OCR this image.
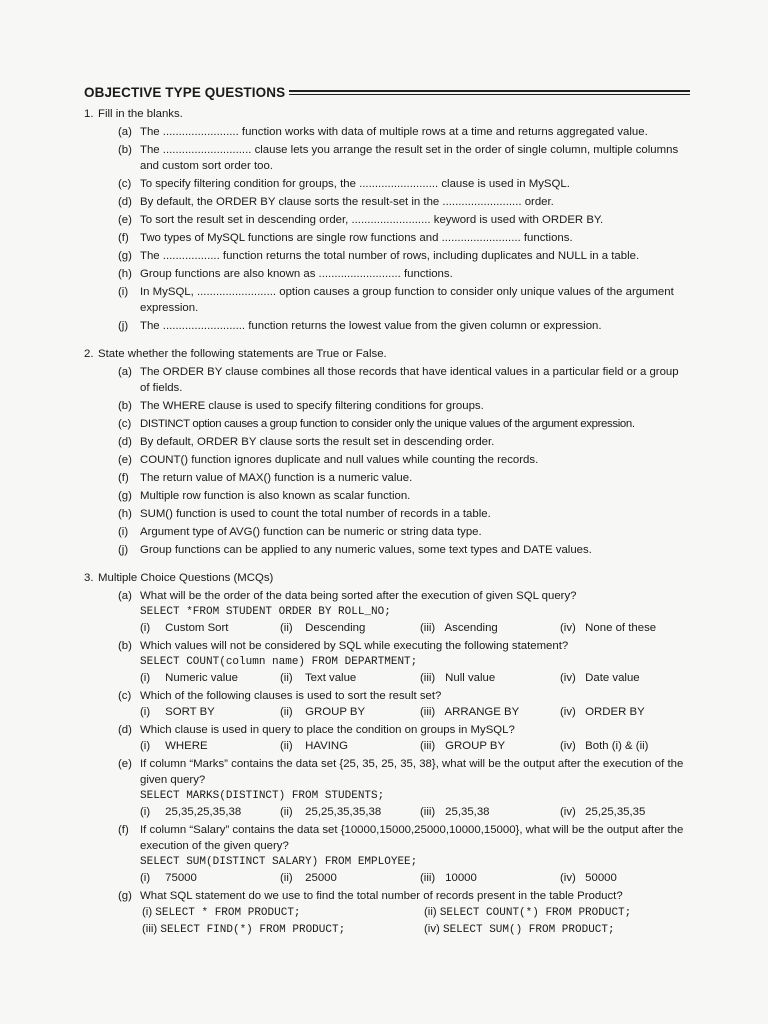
OBJECTIVE TYPE QUESTIONS
1. Fill in the blanks.
(a) The ........................ function works with data of multiple rows at a time and returns aggregated value.
(b) The ............................ clause lets you arrange the result set in the order of single column, multiple columns and custom sort order too.
(c) To specify filtering condition for groups, the ......................... clause is used in MySQL.
(d) By default, the ORDER BY clause sorts the result-set in the ......................... order.
(e) To sort the result set in descending order, ......................... keyword is used with ORDER BY.
(f) Two types of MySQL functions are single row functions and ......................... functions.
(g) The .................. function returns the total number of rows, including duplicates and NULL in a table.
(h) Group functions are also known as .......................... functions.
(i)	In MySQL, ......................... option causes a group function to consider only unique values of the argument expression.
(j)	The .......................... function returns the lowest value from the given column or expression.
2. State whether the following statements are True or False.
(a) The ORDER BY clause combines all those records that have identical values in a particular field or a group of fields.
(b) The WHERE clause is used to specify filtering conditions for groups.
(c) DISTINCT option causes a group function to consider only the unique values of the argument expression.
(d) By default, ORDER BY clause sorts the result set in descending order.
(e) COUNT() function ignores duplicate and null values while counting the records.
(f) The return value of MAX() function is a numeric value.
(g) Multiple row function is also known as scalar function.
(h) SUM() function is used to count the total number of records in a table.
(i)	Argument type of AVG() function can be numeric or string data type.
(j)	Group functions can be applied to any numeric values, some text types and DATE values.
3. Multiple Choice Questions (MCQs)
(a) What will be the order of the data being sorted after the execution of given SQL query?
SELECT *FROM STUDENT ORDER BY ROLL_NO;
(i) Custom Sort	(ii) Descending	(iii) Ascending	(iv) None of these
(b) Which values will not be considered by SQL while executing the following statement?
SELECT COUNT(column name) FROM DEPARTMENT;
(i) Numeric value	(ii) Text value	(iii) Null value	(iv) Date value
(c) Which of the following clauses is used to sort the result set?
(i) SORT BY	(ii) GROUP BY	(iii) ARRANGE BY	(iv) ORDER BY
(d) Which clause is used in query to place the condition on groups in MySQL?
(i) WHERE	(ii) HAVING	(iii) GROUP BY	(iv) Both (i) & (ii)
(e) If column “Marks” contains the data set {25, 35, 25, 35, 38}, what will be the output after the execution of the given query?
SELECT MARKS(DISTINCT) FROM STUDENTS;
(i) 25,35,25,35,38	(ii) 25,25,35,35,38	(iii) 25,35,38	(iv) 25,25,35,35
(f) If column “Salary” contains the data set {10000,15000,25000,10000,15000}, what will be the output after the execution of the given query?
SELECT SUM(DISTINCT SALARY) FROM EMPLOYEE;
(i) 75000	(ii) 25000	(iii) 10000	(iv) 50000
(g) What SQL statement do we use to find the total number of records present in the table Product?
(i) SELECT * FROM PRODUCT;	(ii) SELECT COUNT(*) FROM PRODUCT;
(iii) SELECT FIND(*) FROM PRODUCT;	(iv) SELECT SUM() FROM PRODUCT;
